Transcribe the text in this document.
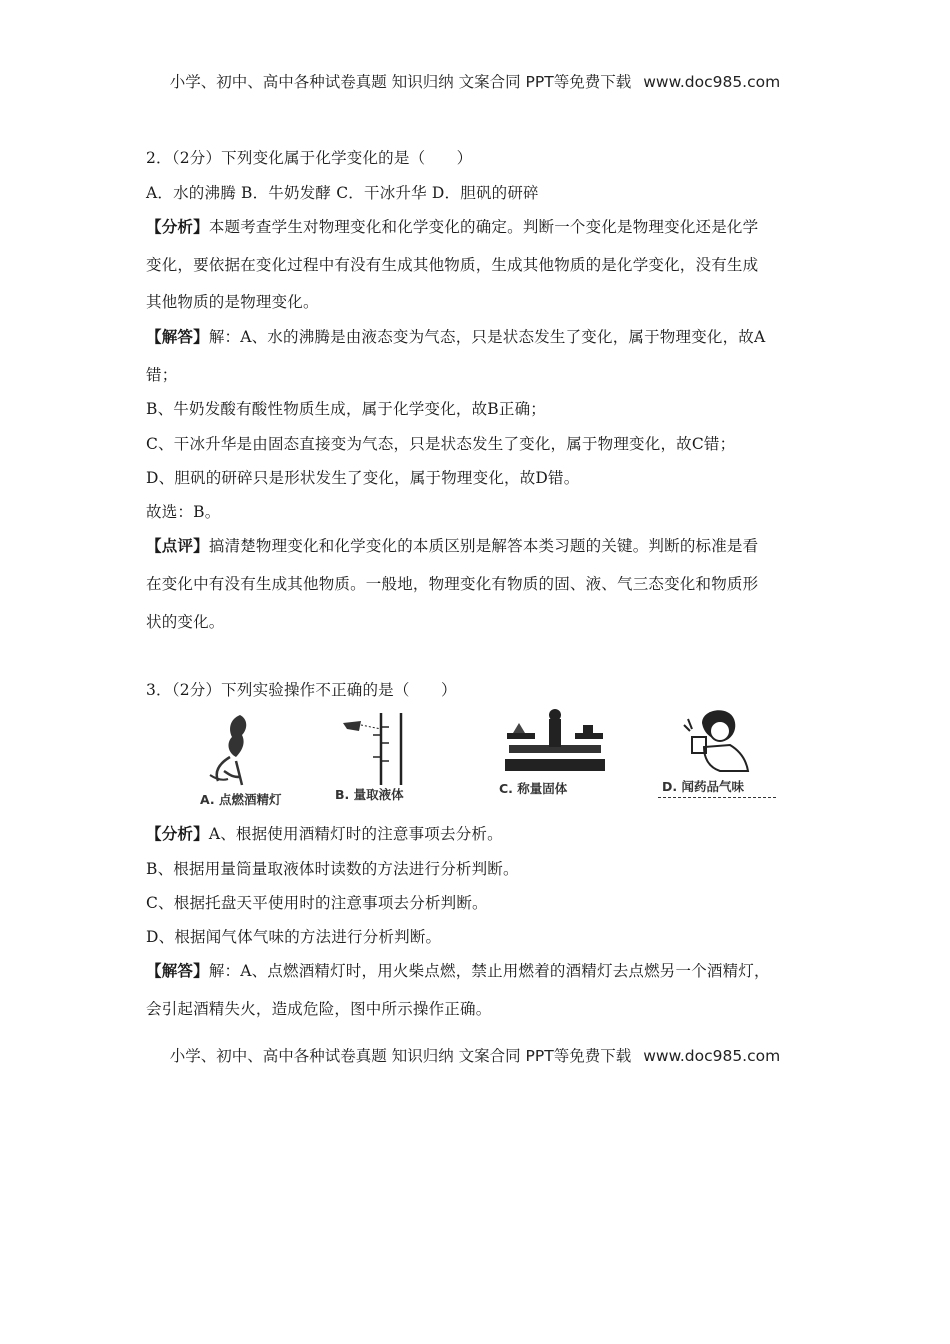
小学、初中、高中各种试卷真题 知识归纳 文案合同 PPT等免费下载 www.doc985.com
2．（2分）下列变化属于化学变化的是（　　）
A．水的沸腾 B．牛奶发酵 C．干冰升华 D．胆矾的研碎
【分析】本题考查学生对物理变化和化学变化的确定。判断一个变化是物理变化还是化学
变化，要依据在变化过程中有没有生成其他物质，生成其他物质的是化学变化，没有生成
其他物质的是物理变化。
【解答】解：A、水的沸腾是由液态变为气态，只是状态发生了变化，属于物理变化，故A
错；
B、牛奶发酸有酸性物质生成，属于化学变化，故B正确；
C、干冰升华是由固态直接变为气态，只是状态发生了变化，属于物理变化，故C错；
D、胆矾的研碎只是形状发生了变化，属于物理变化，故D错。
故选：B。
【点评】搞清楚物理变化和化学变化的本质区别是解答本类习题的关键。判断的标准是看
在变化中有没有生成其他物质。一般地，物理变化有物质的固、液、气三态变化和物质形
状的变化。
3．（2分）下列实验操作不正确的是（　　）
A. 点燃酒精灯	B. 量取液体	C. 称量固体	D. 闻药品气味
【分析】A、根据使用酒精灯时的注意事项去分析。
B、根据用量筒量取液体时读数的方法进行分析判断。
C、根据托盘天平使用时的注意事项去分析判断。
D、根据闻气体气味的方法进行分析判断。
【解答】解：A、点燃酒精灯时，用火柴点燃，禁止用燃着的酒精灯去点燃另一个酒精灯，
会引起酒精失火，造成危险，图中所示操作正确。
小学、初中、高中各种试卷真题 知识归纳 文案合同 PPT等免费下载 www.doc985.com
